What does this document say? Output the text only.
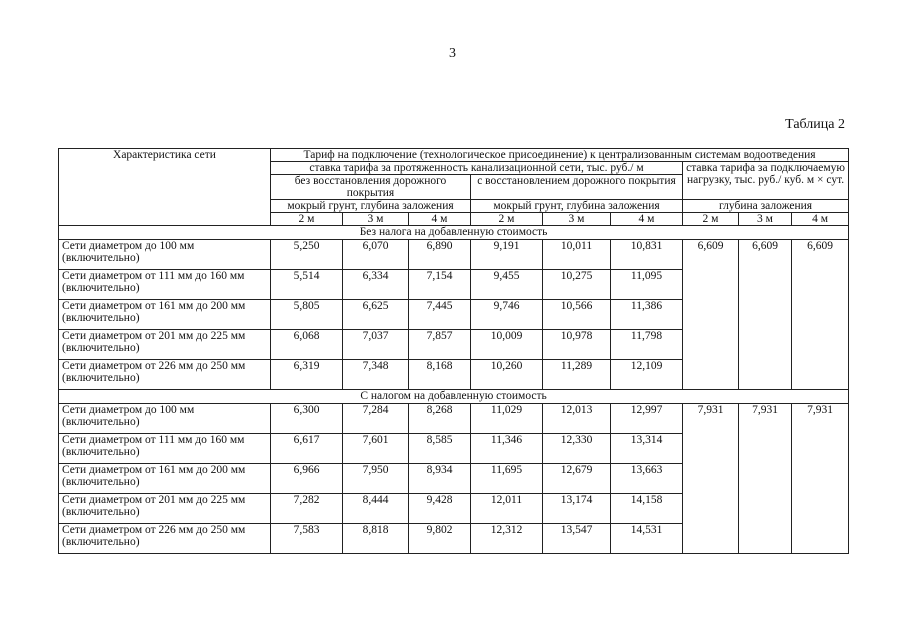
3
Таблица 2
Характеристика сети	Тариф на подключение (технологическое присоединение) к централизованным системам водоотведения								
	ставка тарифа за протяженность канализационной сети, тыс. руб./ м						ставка тарифа за подключаемую нагрузку, тыс. руб./ куб. м × сут.		
	без восстановления дорожного покрытия			с восстановлением дорожного покрытия					
	мокрый грунт, глубина заложения			мокрый грунт, глубина заложения			глубина заложения		
	2 м	3 м	4 м	2 м	3 м	4 м	2 м	3 м	4 м
Без налога на добавленную стоимость									
Сети диаметром до 100 мм (включительно)	5,250	6,070	6,890	9,191	10,011	10,831	6,609	6,609	6,609
Сети диаметром от 111 мм до 160 мм (включительно)	5,514	6,334	7,154	9,455	10,275	11,095			
Сети диаметром от 161 мм до 200 мм (включительно)	5,805	6,625	7,445	9,746	10,566	11,386			
Сети диаметром от 201 мм до 225 мм (включительно)	6,068	7,037	7,857	10,009	10,978	11,798			
Сети диаметром от 226 мм до 250 мм (включительно)	6,319	7,348	8,168	10,260	11,289	12,109			
С налогом на добавленную стоимость									
Сети диаметром до 100 мм (включительно)	6,300	7,284	8,268	11,029	12,013	12,997	7,931	7,931	7,931
Сети диаметром от 111 мм до 160 мм (включительно)	6,617	7,601	8,585	11,346	12,330	13,314			
Сети диаметром от 161 мм до 200 мм (включительно)	6,966	7,950	8,934	11,695	12,679	13,663			
Сети диаметром от 201 мм до 225 мм (включительно)	7,282	8,444	9,428	12,011	13,174	14,158			
Сети диаметром от 226 мм до 250 мм (включительно)	7,583	8,818	9,802	12,312	13,547	14,531			
